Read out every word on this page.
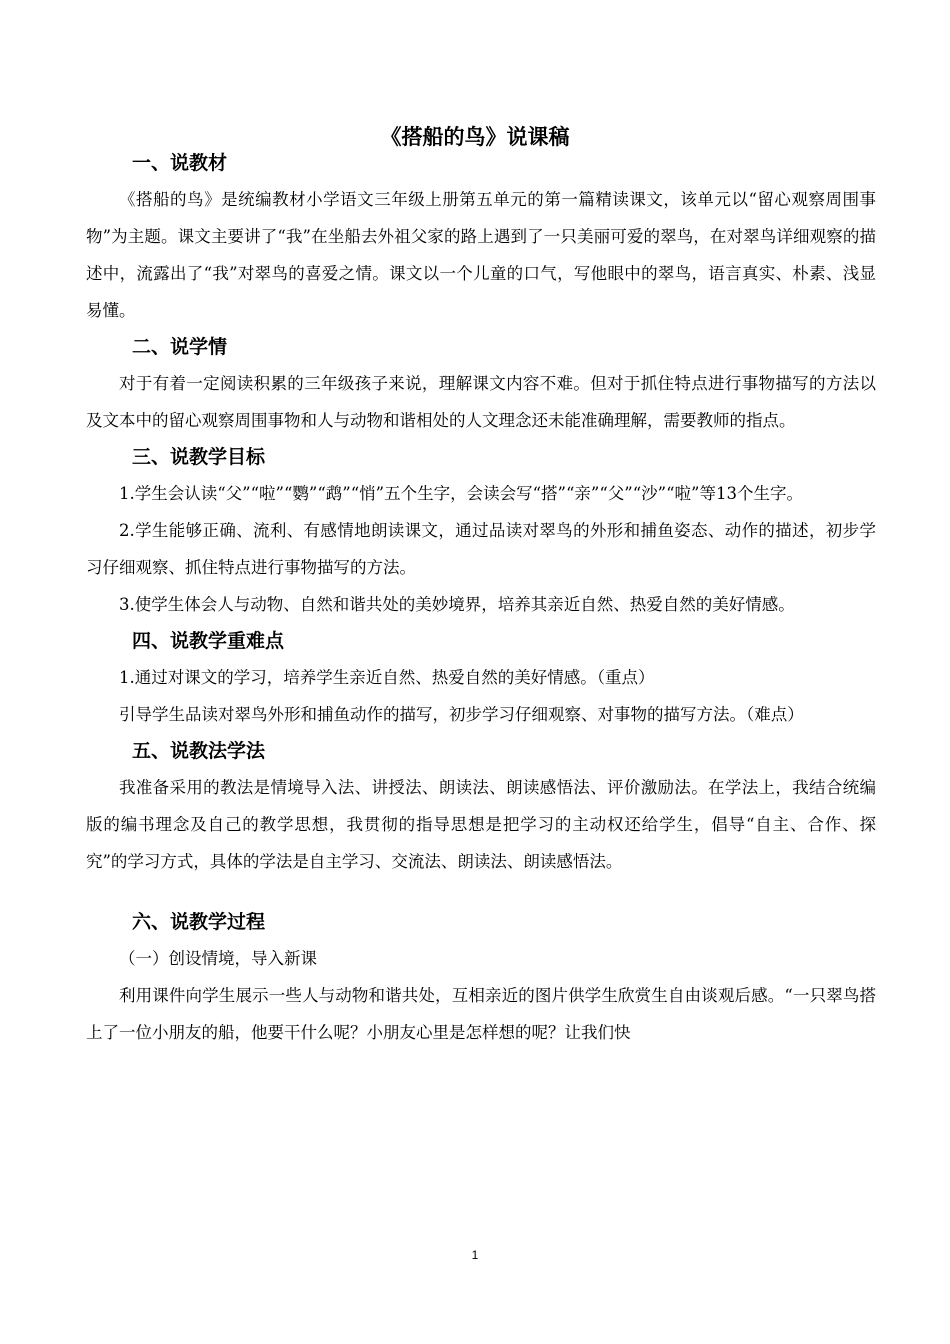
《搭船的鸟》说课稿
一、说教材

《搭船的鸟》是统编教材小学语文三年级上册第五单元的第一篇精读课文，该单元以“留心观察周围事物”为主题。课文主要讲了“我”在坐船去外祖父家的路上遇到了一只美丽可爱的翠鸟，在对翠鸟详细观察的描述中，流露出了“我”对翠鸟的喜爱之情。课文以一个儿童的口气，写他眼中的翠鸟，语言真实、朴素、浅显易懂。

二、说学情

对于有着一定阅读积累的三年级孩子来说，理解课文内容不难。但对于抓住特点进行事物描写的方法以及文本中的留心观察周围事物和人与动物和谐相处的人文理念还未能准确理解，需要教师的指点。

三、说教学目标

1.学生会认读“父”“啦”“鹦”“鹉”“悄”五个生字，会读会写“搭”“亲”“父”“沙”“啦”等13个生字。

2.学生能够正确、流利、有感情地朗读课文，通过品读对翠鸟的外形和捕鱼姿态、动作的描述，初步学习仔细观察、抓住特点进行事物描写的方法。

3.使学生体会人与动物、自然和谐共处的美妙境界，培养其亲近自然、热爱自然的美好情感。

四、说教学重难点

1.通过对课文的学习，培养学生亲近自然、热爱自然的美好情感。（重点）

引导学生品读对翠鸟外形和捕鱼动作的描写，初步学习仔细观察、对事物的描写方法。（难点）

五、说教法学法

我准备采用的教法是情境导入法、讲授法、朗读法、朗读感悟法、评价激励法。在学法上，我结合统编版的编书理念及自己的教学思想，我贯彻的指导思想是把学习的主动权还给学生，倡导“自主、合作、探究”的学习方式，具体的学法是自主学习、交流法、朗读法、朗读感悟法。

六、说教学过程

（一）创设情境，导入新课

利用课件向学生展示一些人与动物和谐共处，互相亲近的图片供学生欣赏生自由谈观后感。“一只翠鸟搭上了一位小朋友的船，他要干什么呢？小朋友心里是怎样想的呢？让我们快

1
